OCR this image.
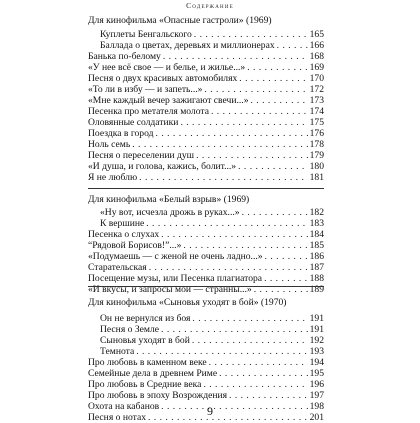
Содержание
Для кинофильма «Опасные гастроли» (1969)
Куплеты Бенгальского . . .	165
Баллада о цветах, деревьях и миллионерах . . .	166
Банька по-белому . . .	168
«У нее всё свое — и белье, и жилье...» . . .	169
Песня о двух красивых автомобилях . . .	170
«То ли в избу — и запеть...» . . .	172
«Мне каждый вечер зажигают свечи...» . . .	173
Песенка про метателя молота . . .	174
Оловянные солдатики . . .	175
Поездка в город . . .	176
Ноль семь . . .	178
Песня о переселении душ . . .	179
«И душа, и голова, кажись, болит...» . . .	180
Я не люблю . . .	181
Для кинофильма «Белый взрыв» (1969)
«Ну вот, исчезла дрожь в руках...» . . .	182
К вершине . . .	183
Песенка о слухах . . .	184
“Рядовой Борисов!”...» . . .	185
«Подумаешь — с женой не очень ладно...» . . .	186
Старательская . . .	187
Посещение музы, или Песенка плагиатора . . .	188
«И вкусы, и запросы мои — странны...» . . .	189
Для кинофильма «Сыновья уходят в бой» (1970)
Он не вернулся из боя . . .	191
Песня о Земле . . .	191
Сыновья уходят в бой . . .	192
Темнота . . .	193
Про любовь в каменном веке . . .	194
Семейные дела в древнем Риме . . .	195
Про любовь в Средние века . . .	196
Про любовь в эпоху Возрождения . . .	197
Охота на кабанов . . .	198
Песня о нотах . . .	201
9
